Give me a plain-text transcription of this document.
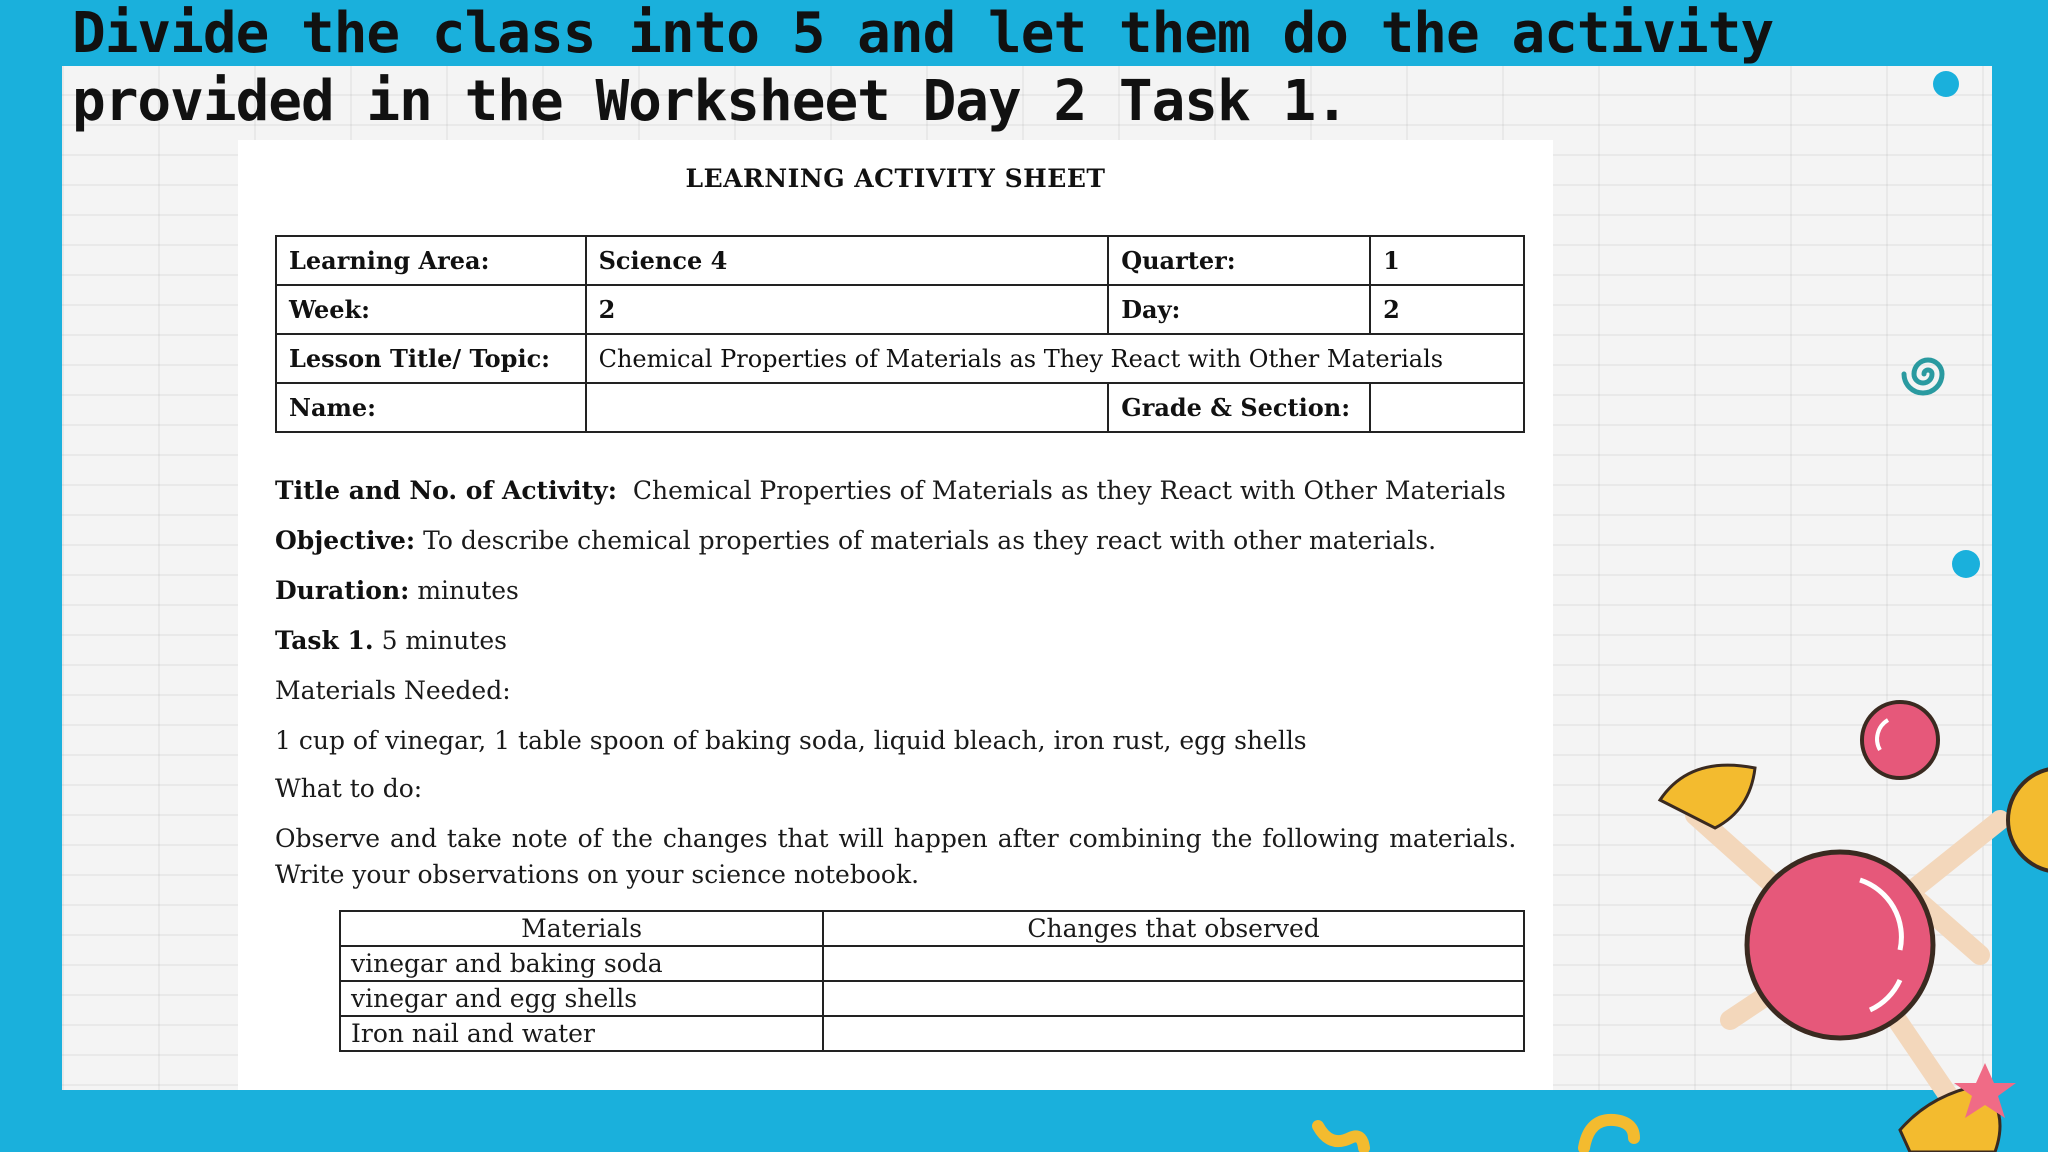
Divide the class into 5 and let them do the activity
provided in the Worksheet Day 2 Task 1.
LEARNING ACTIVITY SHEET
Learning Area:	Science 4	Quarter:	1
Week:	2	Day:	2
Lesson Title/ Topic:	Chemical Properties of Materials as They React with Other Materials		
Name:		Grade & Section:	
Title and No. of Activity: Chemical Properties of Materials as they React with Other Materials
Objective: To describe chemical properties of materials as they react with other materials.
Duration: minutes
Task 1. 5 minutes
Materials Needed:
1 cup of vinegar, 1 table spoon of baking soda, liquid bleach, iron rust, egg shells
What to do:
Observe and take note of the changes that will happen after combining the following materials.
Write your observations on your science notebook.
Materials	Changes that observed
vinegar and baking soda	
vinegar and egg shells	
Iron nail and water	
